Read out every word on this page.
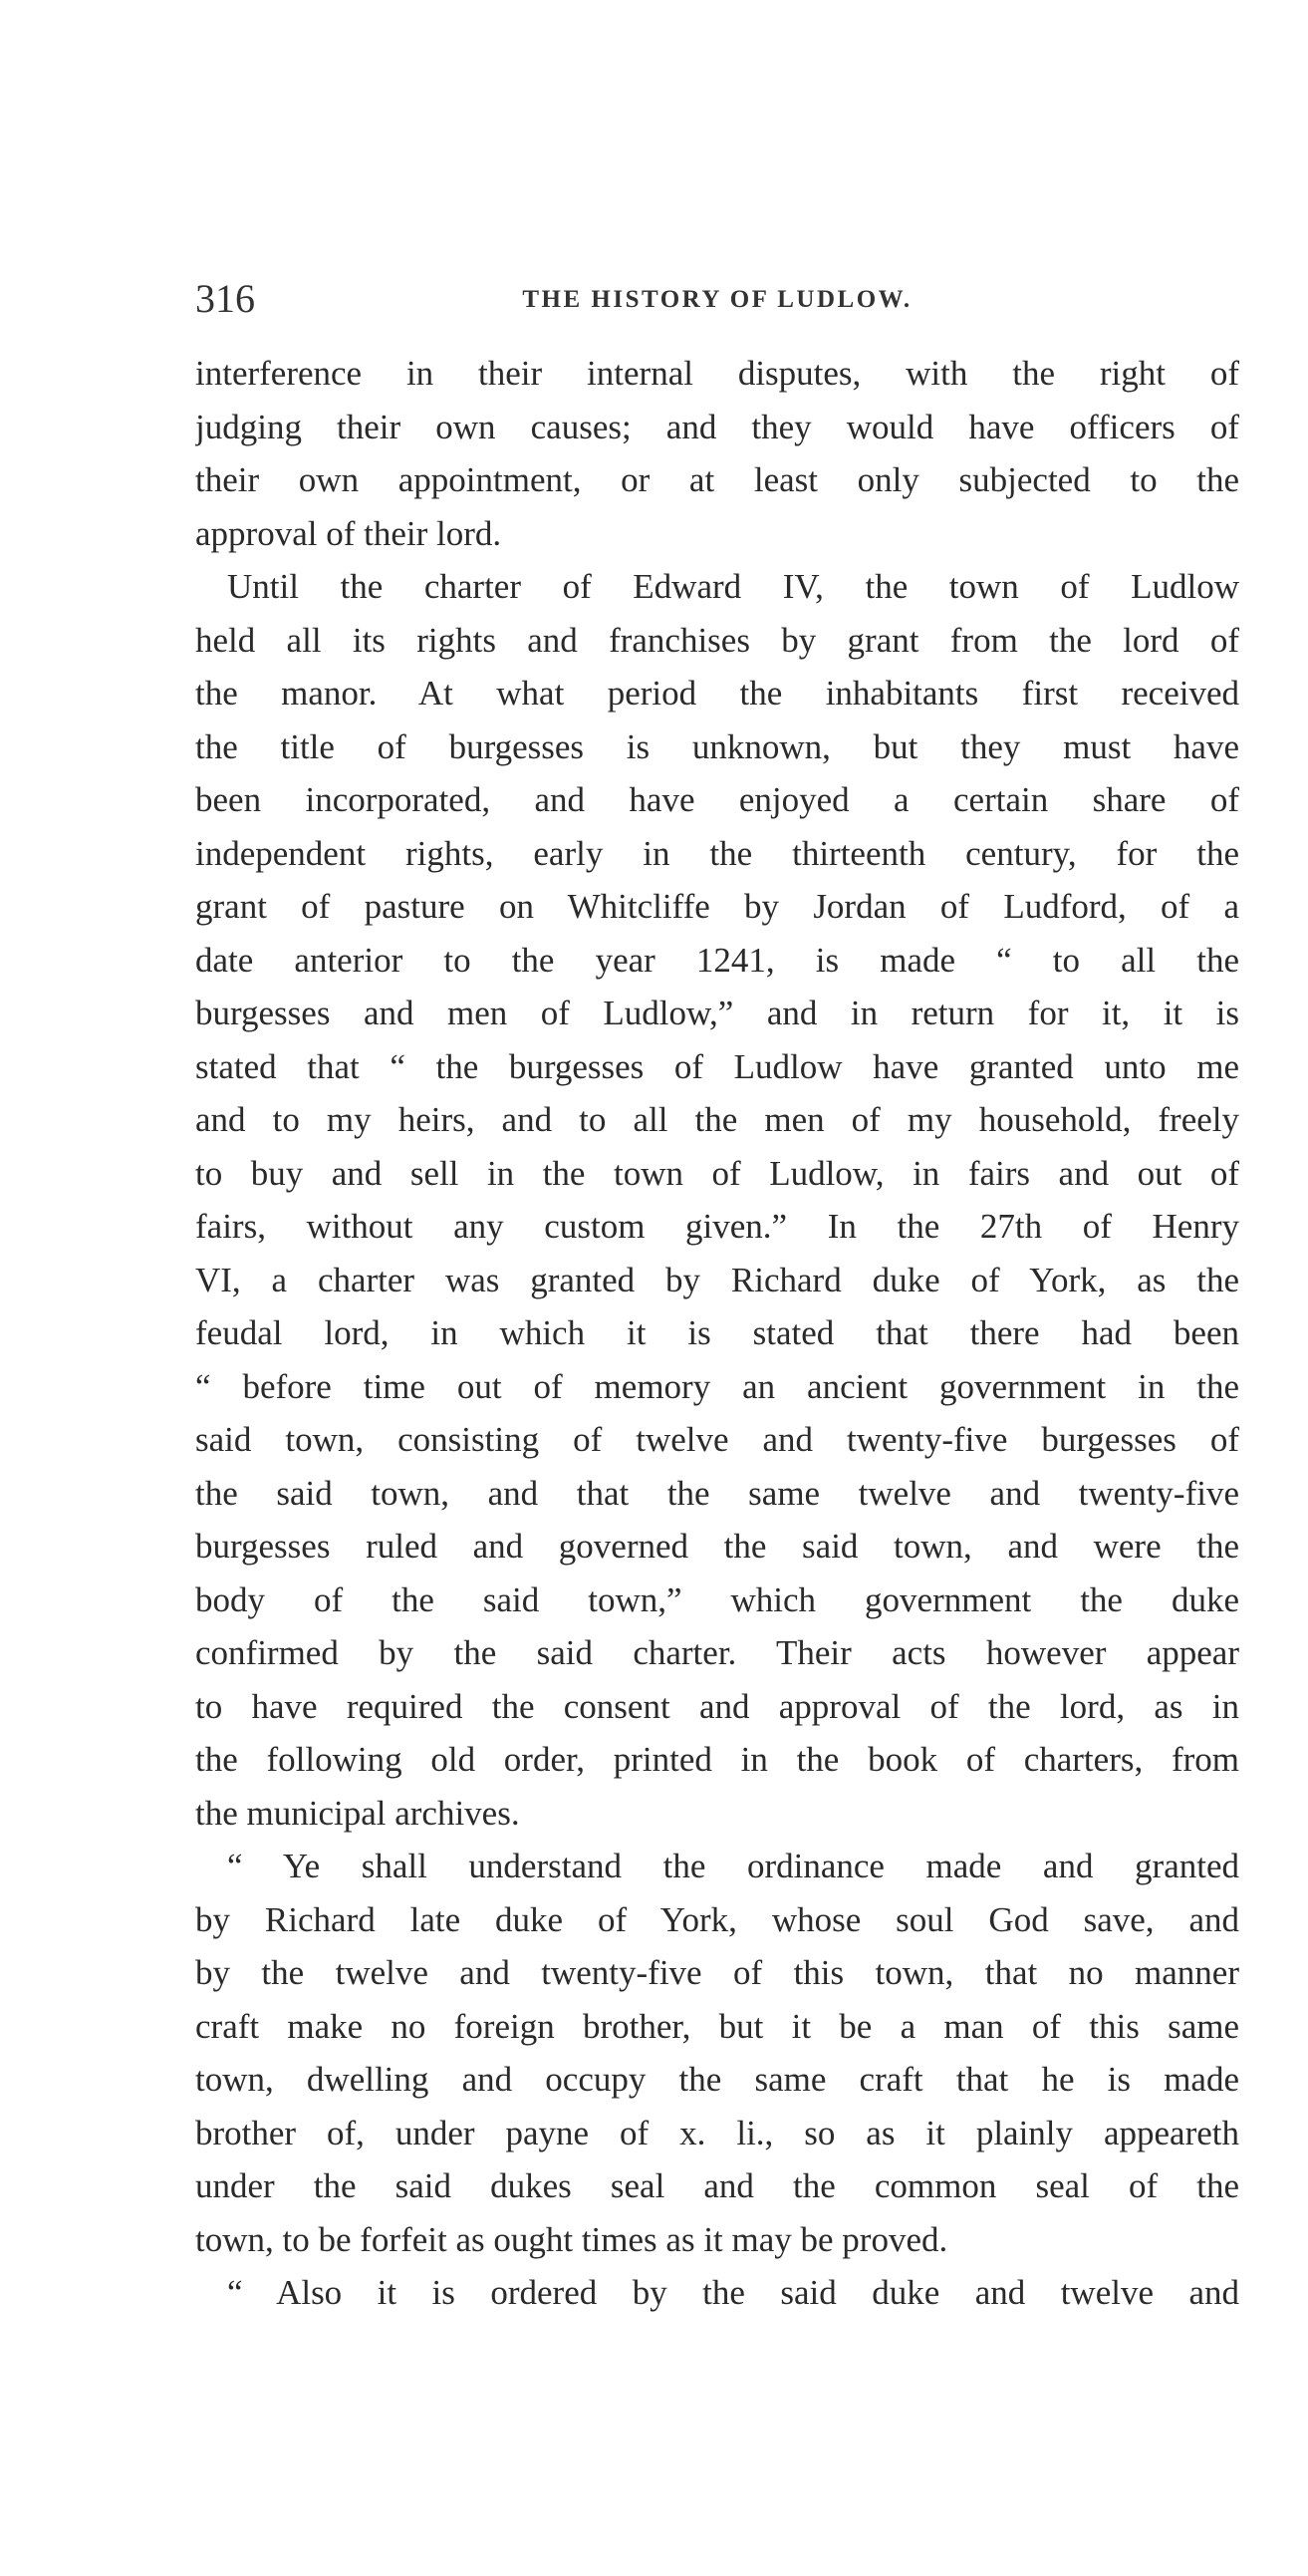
316	THE HISTORY OF LUDLOW.
interference in their internal disputes, with the right of
judging their own causes; and they would have officers of
their own appointment, or at least only subjected to the
approval of their lord.
Until the charter of Edward IV, the town of Ludlow
held all its rights and franchises by grant from the lord of
the manor. At what period the inhabitants first received
the title of burgesses is unknown, but they must have
been incorporated, and have enjoyed a certain share of
independent rights, early in the thirteenth century, for the
grant of pasture on Whitcliffe by Jordan of Ludford, of a
date anterior to the year 1241, is made “ to all the
burgesses and men of Ludlow,” and in return for it, it is
stated that “ the burgesses of Ludlow have granted unto me
and to my heirs, and to all the men of my household, freely
to buy and sell in the town of Ludlow, in fairs and out of
fairs, without any custom given.” In the 27th of Henry
VI, a charter was granted by Richard duke of York, as the
feudal lord, in which it is stated that there had been
“ before time out of memory an ancient government in the
said town, consisting of twelve and twenty-five burgesses of
the said town, and that the same twelve and twenty-five
burgesses ruled and governed the said town, and were the
body of the said town,” which government the duke
confirmed by the said charter. Their acts however appear
to have required the consent and approval of the lord, as in
the following old order, printed in the book of charters, from
the municipal archives.
“ Ye shall understand the ordinance made and granted
by Richard late duke of York, whose soul God save, and
by the twelve and twenty-five of this town, that no manner
craft make no foreign brother, but it be a man of this same
town, dwelling and occupy the same craft that he is made
brother of, under payne of x. li., so as it plainly appeareth
under the said dukes seal and the common seal of the
town, to be forfeit as ought times as it may be proved.
“ Also it is ordered by the said duke and twelve and
